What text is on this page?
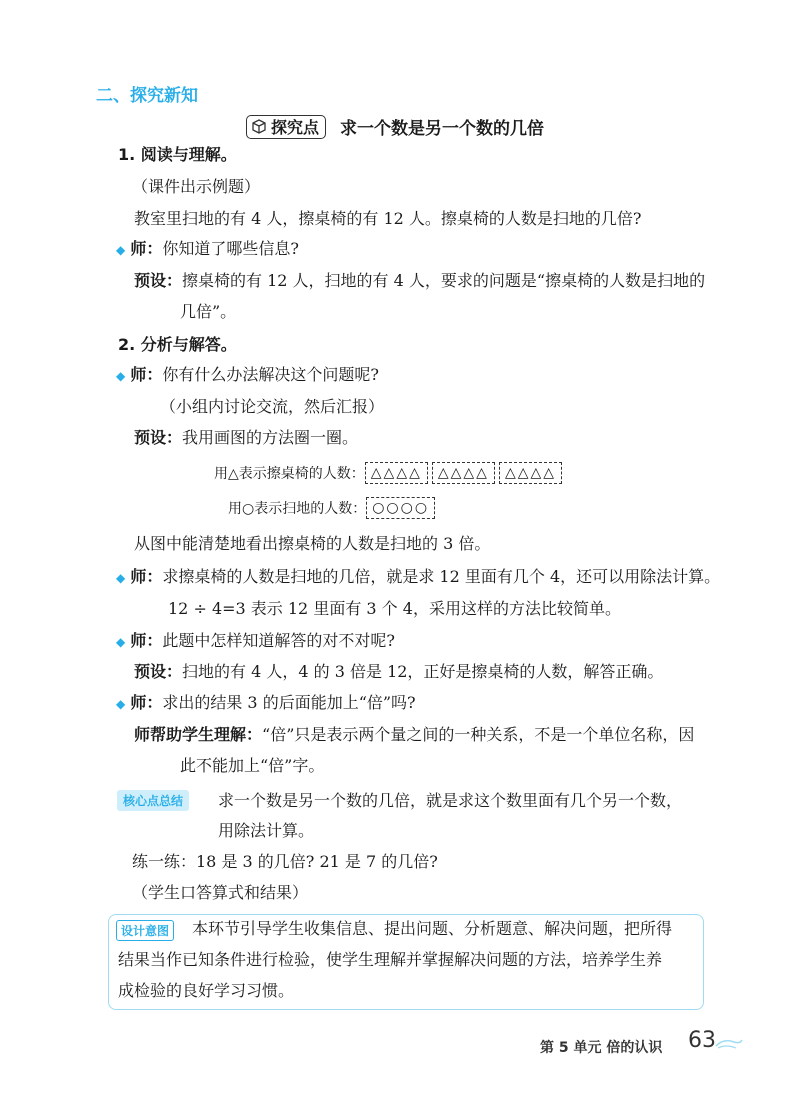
二、探究新知
探究点 求一个数是另一个数的几倍
1. 阅读与理解。
（课件出示例题）
教室里扫地的有 4 人，擦桌椅的有 12 人。擦桌椅的人数是扫地的几倍?
◆ 师：你知道了哪些信息?
预设：擦桌椅的有 12 人，扫地的有 4 人，要求的问题是“擦桌椅的人数是扫地的
几倍”。
2. 分析与解答。
◆ 师：你有什么办法解决这个问题呢?
（小组内讨论交流，然后汇报）
预设：我用画图的方法圈一圈。
用△表示擦桌椅的人数： △△△△	△△△△	△△△△
用○表示扫地的人数： ○○○○
从图中能清楚地看出擦桌椅的人数是扫地的 3 倍。
◆ 师：求擦桌椅的人数是扫地的几倍，就是求 12 里面有几个 4，还可以用除法计算。
12 ÷ 4=3 表示 12 里面有 3 个 4，采用这样的方法比较简单。
◆ 师：此题中怎样知道解答的对不对呢?
预设：扫地的有 4 人，4 的 3 倍是 12，正好是擦桌椅的人数，解答正确。
◆ 师：求出的结果 3 的后面能加上“倍”吗?
师帮助学生理解：“倍”只是表示两个量之间的一种关系，不是一个单位名称，因
此不能加上“倍”字。
核心点总结	求一个数是另一个数的几倍，就是求这个数里面有几个另一个数，
用除法计算。
练一练：18 是 3 的几倍? 21 是 7 的几倍?
（学生口答算式和结果）
设计意图	本环节引导学生收集信息、提出问题、分析题意、解决问题，把所得
结果当作已知条件进行检验，使学生理解并掌握解决问题的方法，培养学生养
成检验的良好学习习惯。
第 5 单元 倍的认识 63
